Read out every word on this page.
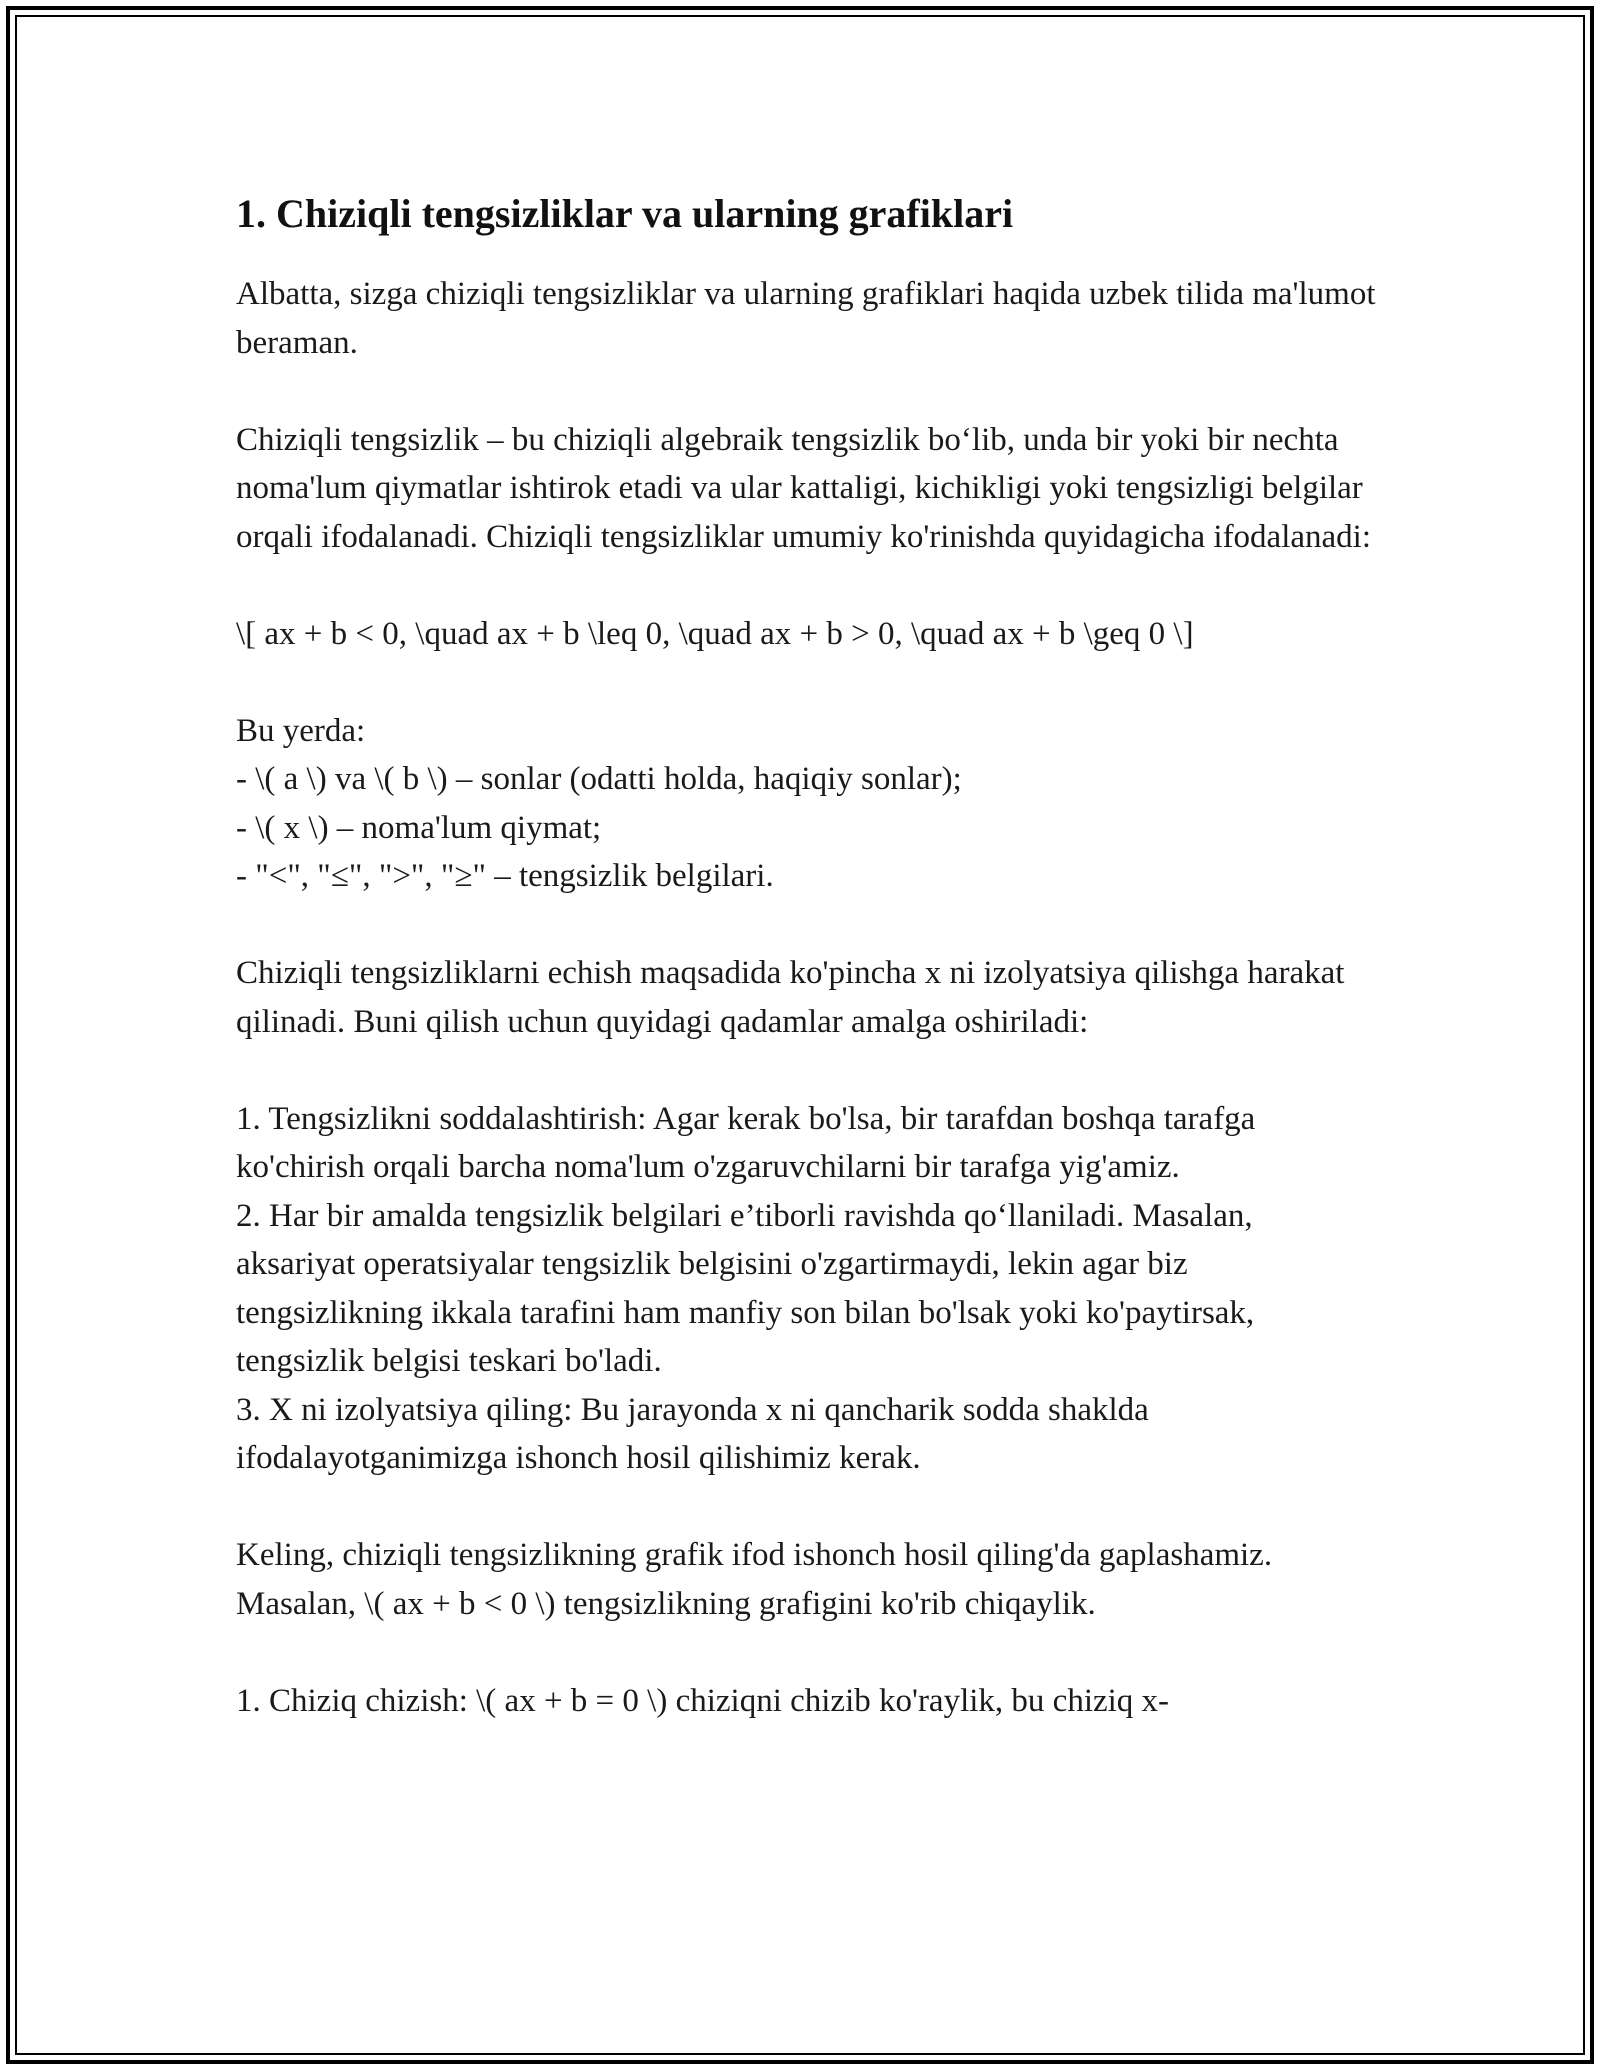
1. Chiziqli tengsizliklar va ularning grafiklari

Albatta, sizga chiziqli tengsizliklar va ularning grafiklari haqida uzbek tilida ma'lumot beraman.

Chiziqli tengsizlik – bu chiziqli algebraik tengsizlik bo‘lib, unda bir yoki bir nechta noma'lum qiymatlar ishtirok etadi va ular kattaligi, kichikligi yoki tengsizligi belgilar orqali ifodalanadi. Chiziqli tengsizliklar umumiy ko'rinishda quyidagicha ifodalanadi:

\[ ax + b < 0, \quad ax + b \leq 0, \quad ax + b > 0, \quad ax + b \geq 0 \]

Bu yerda:
- \( a \) va \( b \) – sonlar (odatti holda, haqiqiy sonlar);
- \( x \) – noma'lum qiymat;
- "<", "≤", ">", "≥" – tengsizlik belgilari.

Chiziqli tengsizliklarni echish maqsadida ko'pincha x ni izolyatsiya qilishga harakat qilinadi. Buni qilish uchun quyidagi qadamlar amalga oshiriladi:

1. Tengsizlikni soddalashtirish: Agar kerak bo'lsa, bir tarafdan boshqa tarafga ko'chirish orqali barcha noma'lum o'zgaruvchilarni bir tarafga yig'amiz.
2. Har bir amalda tengsizlik belgilari e’tiborli ravishda qo‘llaniladi. Masalan, aksariyat operatsiyalar tengsizlik belgisini o'zgartirmaydi, lekin agar biz tengsizlikning ikkala tarafini ham manfiy son bilan bo'lsak yoki ko'paytirsak, tengsizlik belgisi teskari bo'ladi.
3. X ni izolyatsiya qiling: Bu jarayonda x ni qancharik sodda shaklda ifodalayotganimizga ishonch hosil qilishimiz kerak.

Keling, chiziqli tengsizlikning grafik ifod ishonch hosil qiling'da gaplashamiz. Masalan, \( ax + b < 0 \) tengsizlikning grafigini ko'rib chiqaylik.

1. Chiziq chizish: \( ax + b = 0 \) chiziqni chizib ko'raylik, bu chiziq x-
